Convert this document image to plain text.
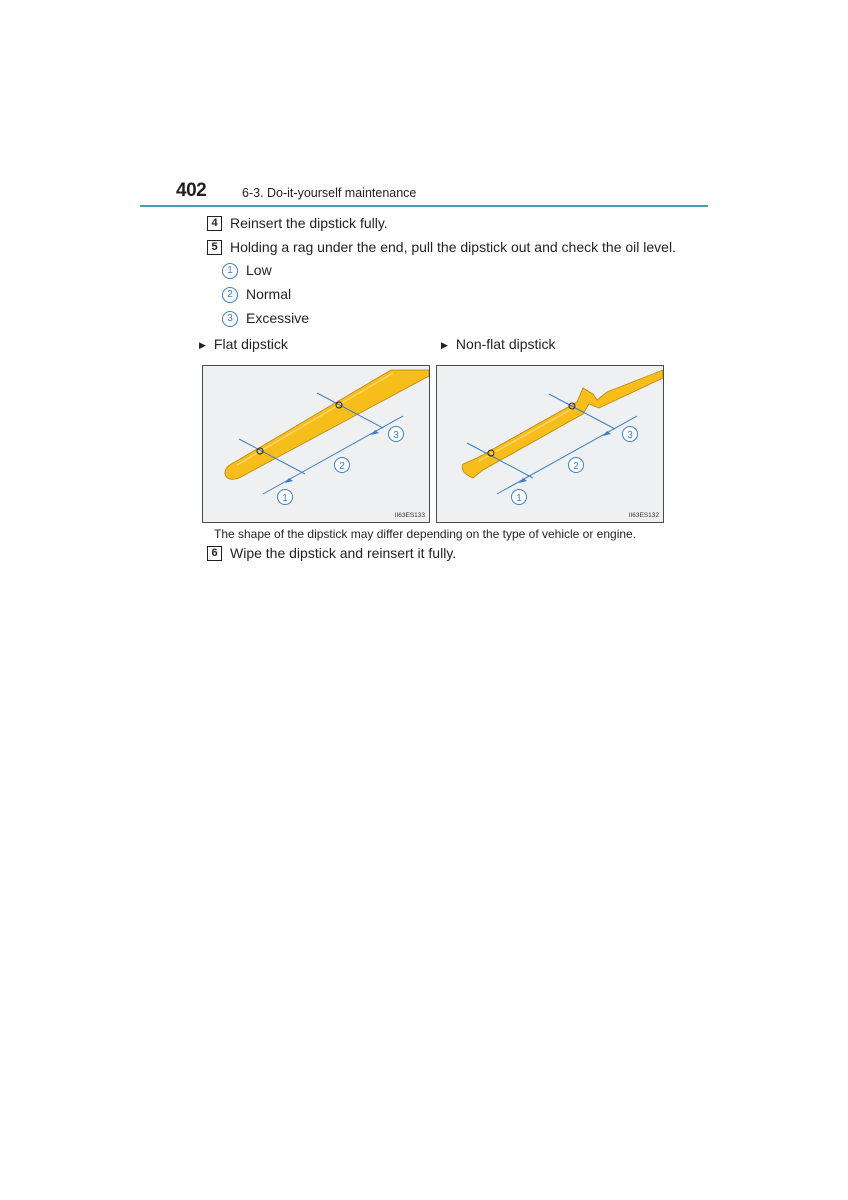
402	6-3. Do-it-yourself maintenance
4 Reinsert the dipstick fully.
5 Holding a rag under the end, pull the dipstick out and check the oil level.
1 Low
2 Normal
3 Excessive
▶ Flat dipstick	▶ Non-flat dipstick
1
2
3
II63ES133
1
2
3
II63ES132
The shape of the dipstick may differ depending on the type of vehicle or engine.
6 Wipe the dipstick and reinsert it fully.
